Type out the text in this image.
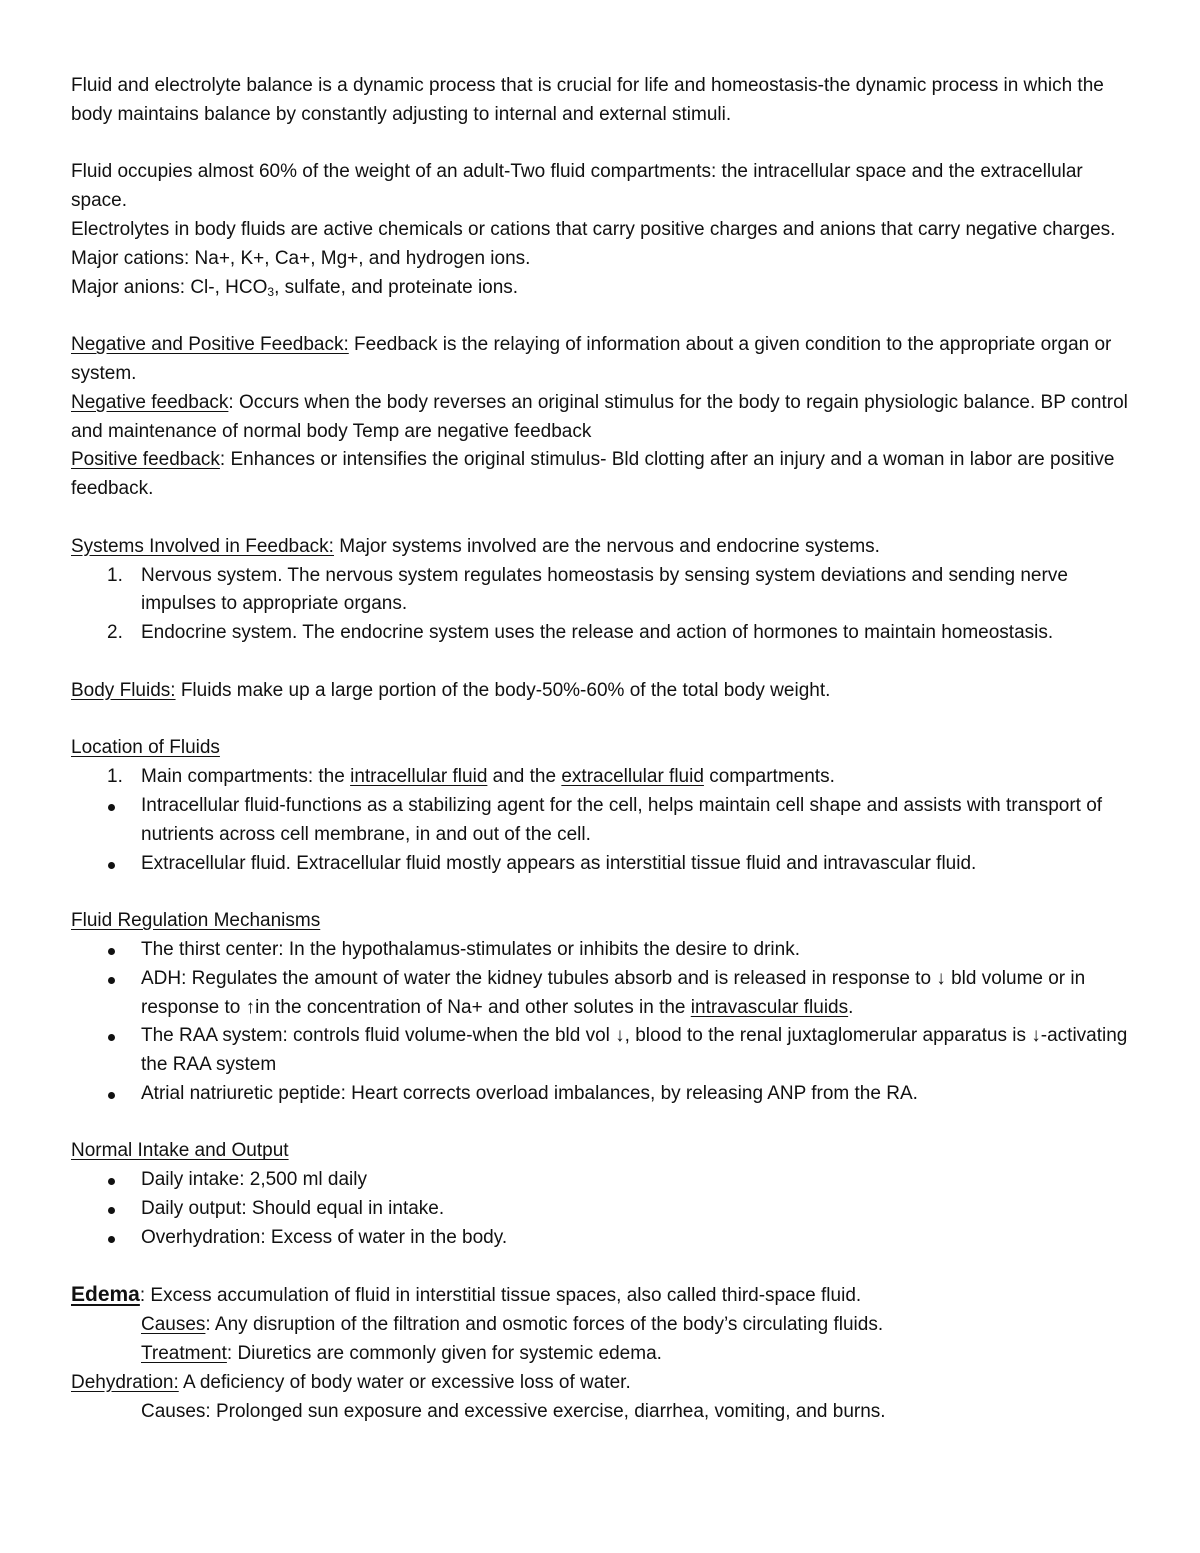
Fluid and electrolyte balance is a dynamic process that is crucial for life and homeostasis-the dynamic process in which the body maintains balance by constantly adjusting to internal and external stimuli.

Fluid occupies almost 60% of the weight of an adult-Two fluid compartments: the intracellular space and the extracellular space.

Electrolytes in body fluids are active chemicals or cations that carry positive charges and anions that carry negative charges.

Major cations: Na+, K+, Ca+, Mg+, and hydrogen ions.

Major anions: Cl-, $HCO_3$, sulfate, and proteinate ions.

Negative and Positive Feedback: Feedback is the relaying of information about a given condition to the appropriate organ or system.

Negative feedback: Occurs when the body reverses an original stimulus for the body to regain physiologic balance. BP control and maintenance of normal body Temp are negative feedback

Positive feedback: Enhances or intensifies the original stimulus- Bld clotting after an injury and a woman in labor are positive feedback.

Systems Involved in Feedback: Major systems involved are the nervous and endocrine systems.

1. Nervous system. The nervous system regulates homeostasis by sensing system deviations and sending nerve impulses to appropriate organs.
2. Endocrine system. The endocrine system uses the release and action of hormones to maintain homeostasis.

Body Fluids: Fluids make up a large portion of the body-50%-60% of the total body weight.

Location of Fluids

1. Main compartments: the intracellular fluid and the extracellular fluid compartments.
Intracellular fluid-functions as a stabilizing agent for the cell, helps maintain cell shape and assists with transport of nutrients across cell membrane, in and out of the cell.
Extracellular fluid. Extracellular fluid mostly appears as interstitial tissue fluid and intravascular fluid.

Fluid Regulation Mechanisms

The thirst center: In the hypothalamus-stimulates or inhibits the desire to drink.
ADH: Regulates the amount of water the kidney tubules absorb and is released in response to ↓ bld volume or in response to ↑in the concentration of Na+ and other solutes in the intravascular fluids.
The RAA system: controls fluid volume-when the bld vol ↓, blood to the renal juxtaglomerular apparatus is ↓-activating the RAA system
Atrial natriuretic peptide: Heart corrects overload imbalances, by releasing ANP from the RA.

Normal Intake and Output

Daily intake: 2,500 ml daily
Daily output: Should equal in intake.
Overhydration: Excess of water in the body.

Edema: Excess accumulation of fluid in interstitial tissue spaces, also called third-space fluid.

Causes: Any disruption of the filtration and osmotic forces of the body’s circulating fluids.

Treatment: Diuretics are commonly given for systemic edema.

Dehydration: A deficiency of body water or excessive loss of water.

Causes: Prolonged sun exposure and excessive exercise, diarrhea, vomiting, and burns.
